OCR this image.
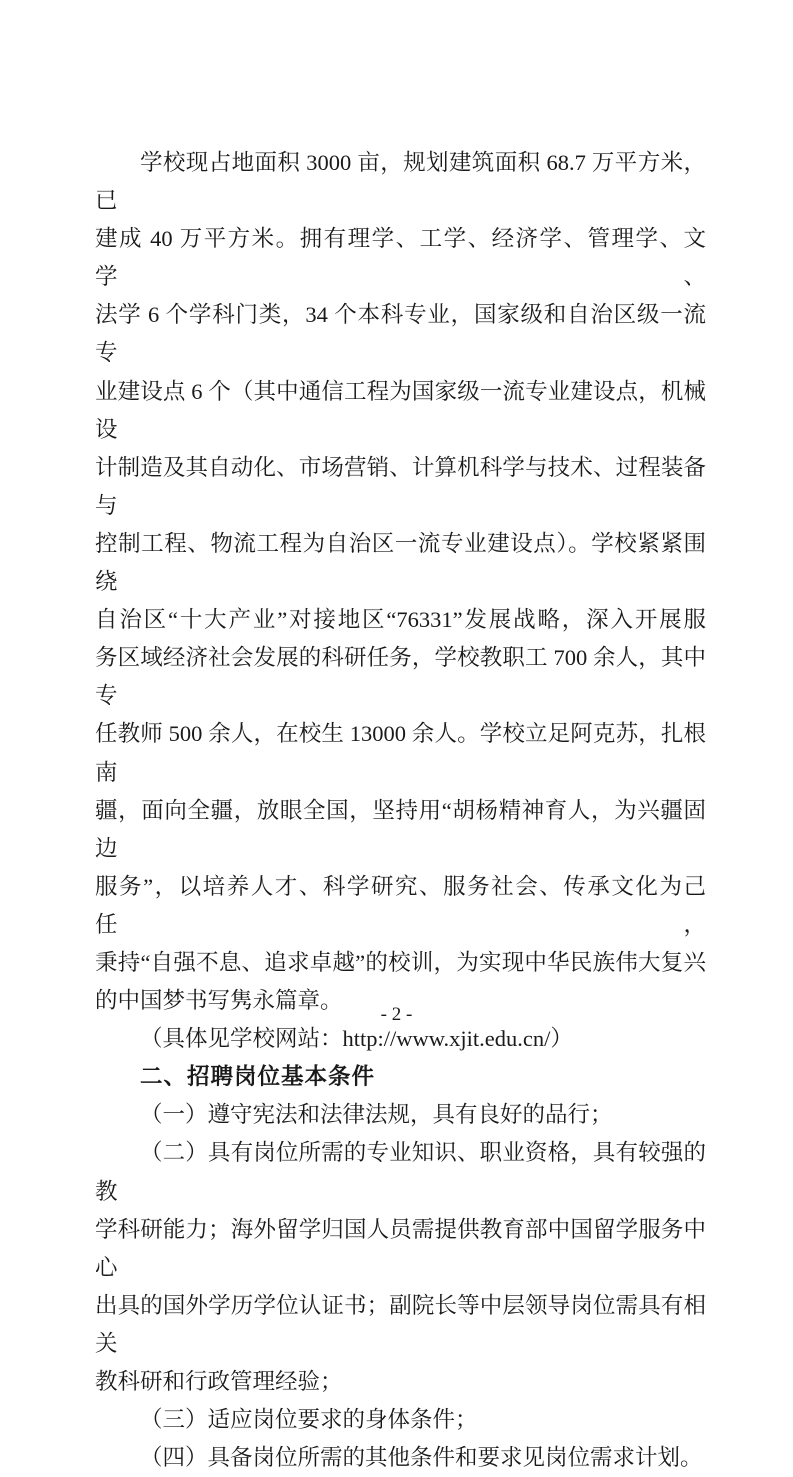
学校现占地面积 3000 亩，规划建筑面积 68.7 万平方米，已
建成 40 万平方米。拥有理学、工学、经济学、管理学、文学、
法学 6 个学科门类，34 个本科专业，国家级和自治区级一流专
业建设点 6 个（其中通信工程为国家级一流专业建设点，机械设
计制造及其自动化、市场营销、计算机科学与技术、过程装备与
控制工程、物流工程为自治区一流专业建设点）。学校紧紧围绕
自治区“十大产业”对接地区“76331”发展战略，深入开展服
务区域经济社会发展的科研任务，学校教职工 700 余人，其中专
任教师 500 余人，在校生 13000 余人。学校立足阿克苏，扎根南
疆，面向全疆，放眼全国，坚持用“胡杨精神育人，为兴疆固边
服务”，以培养人才、科学研究、服务社会、传承文化为己任，
秉持“自强不息、追求卓越”的校训，为实现中华民族伟大复兴
的中国梦书写隽永篇章。
（具体见学校网站：http://www.xjit.edu.cn/）
二、招聘岗位基本条件
（一）遵守宪法和法律法规，具有良好的品行；
（二）具有岗位所需的专业知识、职业资格，具有较强的教
学科研能力；海外留学归国人员需提供教育部中国留学服务中心
出具的国外学历学位认证书；副院长等中层领导岗位需具有相关
教科研和行政管理经验；
（三）适应岗位要求的身体条件；
（四）具备岗位所需的其他条件和要求见岗位需求计划。
- 2 -
